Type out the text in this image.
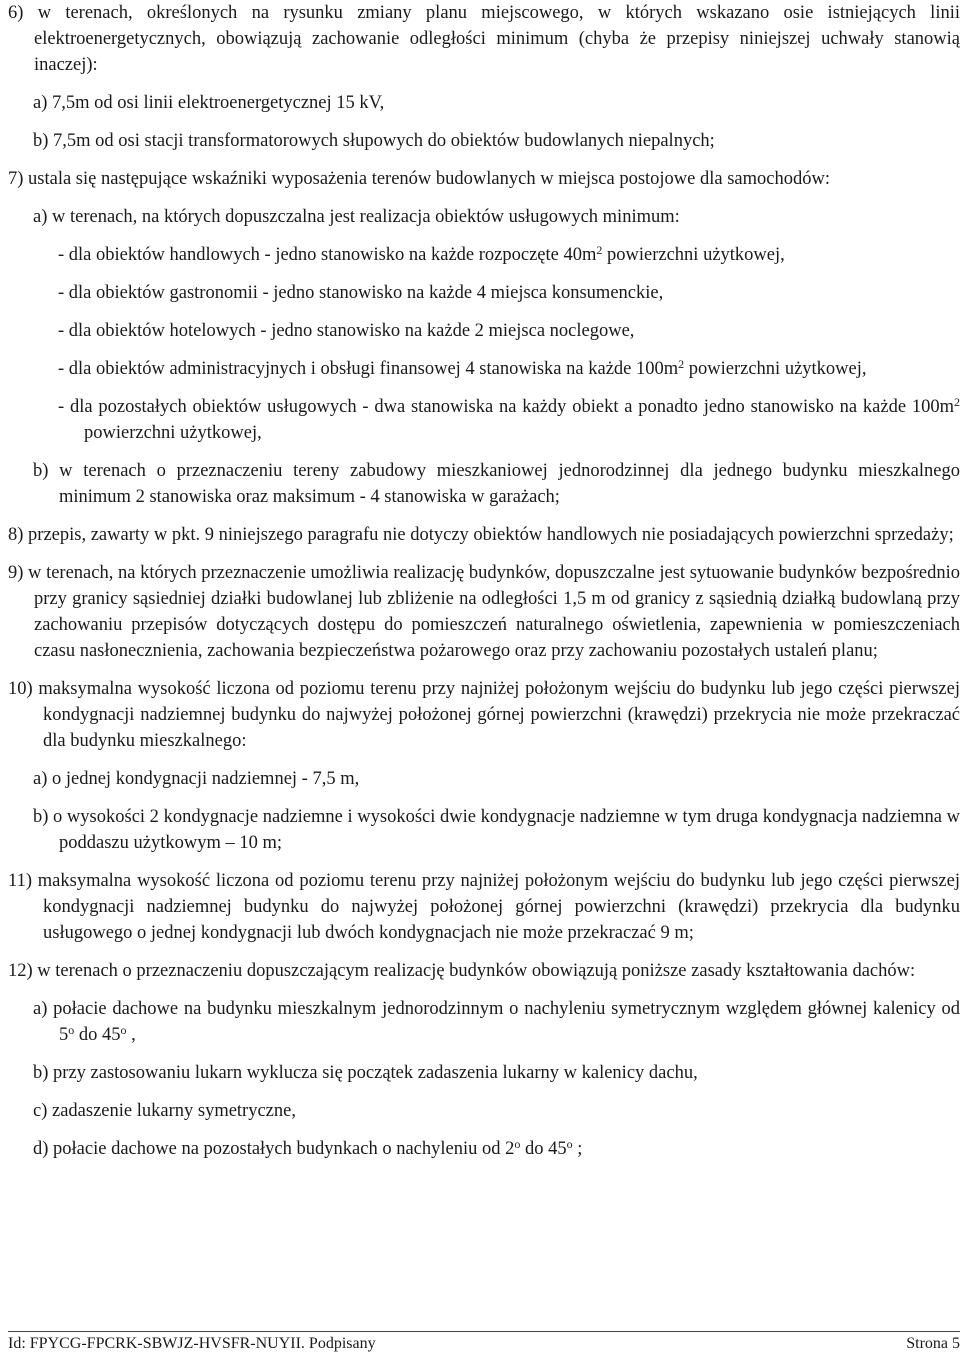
6) w terenach, określonych na rysunku zmiany planu miejscowego, w których wskazano osie istniejących linii elektroenergetycznych, obowiązują zachowanie odległości minimum (chyba że przepisy niniejszej uchwały stanowią inaczej):

a) 7,5m od osi linii elektroenergetycznej 15 kV,

b) 7,5m od osi stacji transformatorowych słupowych do obiektów budowlanych niepalnych;

7) ustala się następujące wskaźniki wyposażenia terenów budowlanych w miejsca postojowe dla samochodów:

a) w terenach, na których dopuszczalna jest realizacja obiektów usługowych minimum:

- dla obiektów handlowych - jedno stanowisko na każde rozpoczęte $40m^2$ powierzchni użytkowej,

- dla obiektów gastronomii - jedno stanowisko na każde 4 miejsca konsumenckie,

- dla obiektów hotelowych - jedno stanowisko na każde 2 miejsca noclegowe,

- dla obiektów administracyjnych i obsługi finansowej 4 stanowiska na każde $100m^2$ powierzchni użytkowej,

- dla pozostałych obiektów usługowych - dwa stanowiska na każdy obiekt a ponadto jedno stanowisko na każde $100m^2$ powierzchni użytkowej,

b) w terenach o przeznaczeniu tereny zabudowy mieszkaniowej jednorodzinnej dla jednego budynku mieszkalnego minimum 2 stanowiska oraz maksimum - 4 stanowiska w garażach;

8) przepis, zawarty w pkt. 9 niniejszego paragrafu nie dotyczy obiektów handlowych nie posiadających powierzchni sprzedaży;

9) w terenach, na których przeznaczenie umożliwia realizację budynków, dopuszczalne jest sytuowanie budynków bezpośrednio przy granicy sąsiedniej działki budowlanej lub zbliżenie na odległości 1,5 m od granicy z sąsiednią działką budowlaną przy zachowaniu przepisów dotyczących dostępu do pomieszczeń naturalnego oświetlenia, zapewnienia w pomieszczeniach czasu nasłonecznienia, zachowania bezpieczeństwa pożarowego oraz przy zachowaniu pozostałych ustaleń planu;

10) maksymalna wysokość liczona od poziomu terenu przy najniżej położonym wejściu do budynku lub jego części pierwszej kondygnacji nadziemnej budynku do najwyżej położonej górnej powierzchni (krawędzi) przekrycia nie może przekraczać dla budynku mieszkalnego:

a) o jednej kondygnacji nadziemnej - 7,5 m,

b) o wysokości 2 kondygnacje nadziemne i wysokości dwie kondygnacje nadziemne w tym druga kondygnacja nadziemna w poddaszu użytkowym – 10 m;

11) maksymalna wysokość liczona od poziomu terenu przy najniżej położonym wejściu do budynku lub jego części pierwszej kondygnacji nadziemnej budynku do najwyżej położonej górnej powierzchni (krawędzi) przekrycia dla budynku usługowego o jednej kondygnacji lub dwóch kondygnacjach nie może przekraczać 9 m;

12) w terenach o przeznaczeniu dopuszczającym realizację budynków obowiązują poniższe zasady kształtowania dachów:

a) połacie dachowe na budynku mieszkalnym jednorodzinnym o nachyleniu symetrycznym względem głównej kalenicy od 5$^o$ do 45$^o$ ,

b) przy zastosowaniu lukarn wyklucza się początek zadaszenia lukarny w kalenicy dachu,

c) zadaszenie lukarny symetryczne,

d) połacie dachowe na pozostałych budynkach o nachyleniu od 2$^o$ do 45$^o$ ;

Id: FPYCG-FPCRK-SBWJZ-HVSFR-NUYII. Podpisany	Strona 5
